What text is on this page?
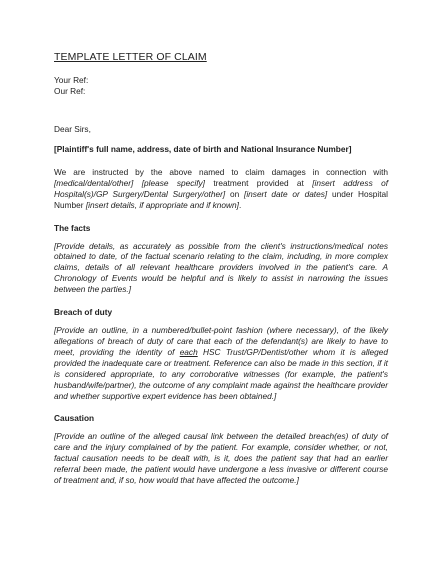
TEMPLATE LETTER OF CLAIM
Your Ref:
Our Ref:
Dear Sirs,

[Plaintiff's full name, address, date of birth and National Insurance Number]

We are instructed by the above named to claim damages in connection with [medical/dental/other] [please specify] treatment provided at [insert address of Hospital(s)/GP Surgery/Dental Surgery/other] on [insert date or dates] under Hospital Number [insert details, if appropriate and if known].

The facts

[Provide details, as accurately as possible from the client's instructions/medical notes obtained to date, of the factual scenario relating to the claim, including, in more complex claims, details of all relevant healthcare providers involved in the patient's care. A Chronology of Events would be helpful and is likely to assist in narrowing the issues between the parties.]

Breach of duty

[Provide an outline, in a numbered/bullet-point fashion (where necessary), of the likely allegations of breach of duty of care that each of the defendant(s) are likely to have to meet, providing the identity of each HSC Trust/GP/Dentist/other whom it is alleged provided the inadequate care or treatment. Reference can also be made in this section, if it is considered appropriate, to any corroborative witnesses (for example, the patient's husband/wife/partner), the outcome of any complaint made against the healthcare provider and whether supportive expert evidence has been obtained.]

Causation

[Provide an outline of the alleged causal link between the detailed breach(es) of duty of care and the injury complained of by the patient. For example, consider whether, or not, factual causation needs to be dealt with, is it, does the patient say that had an earlier referral been made, the patient would have undergone a less invasive or different course of treatment and, if so, how would that have affected the outcome.]
